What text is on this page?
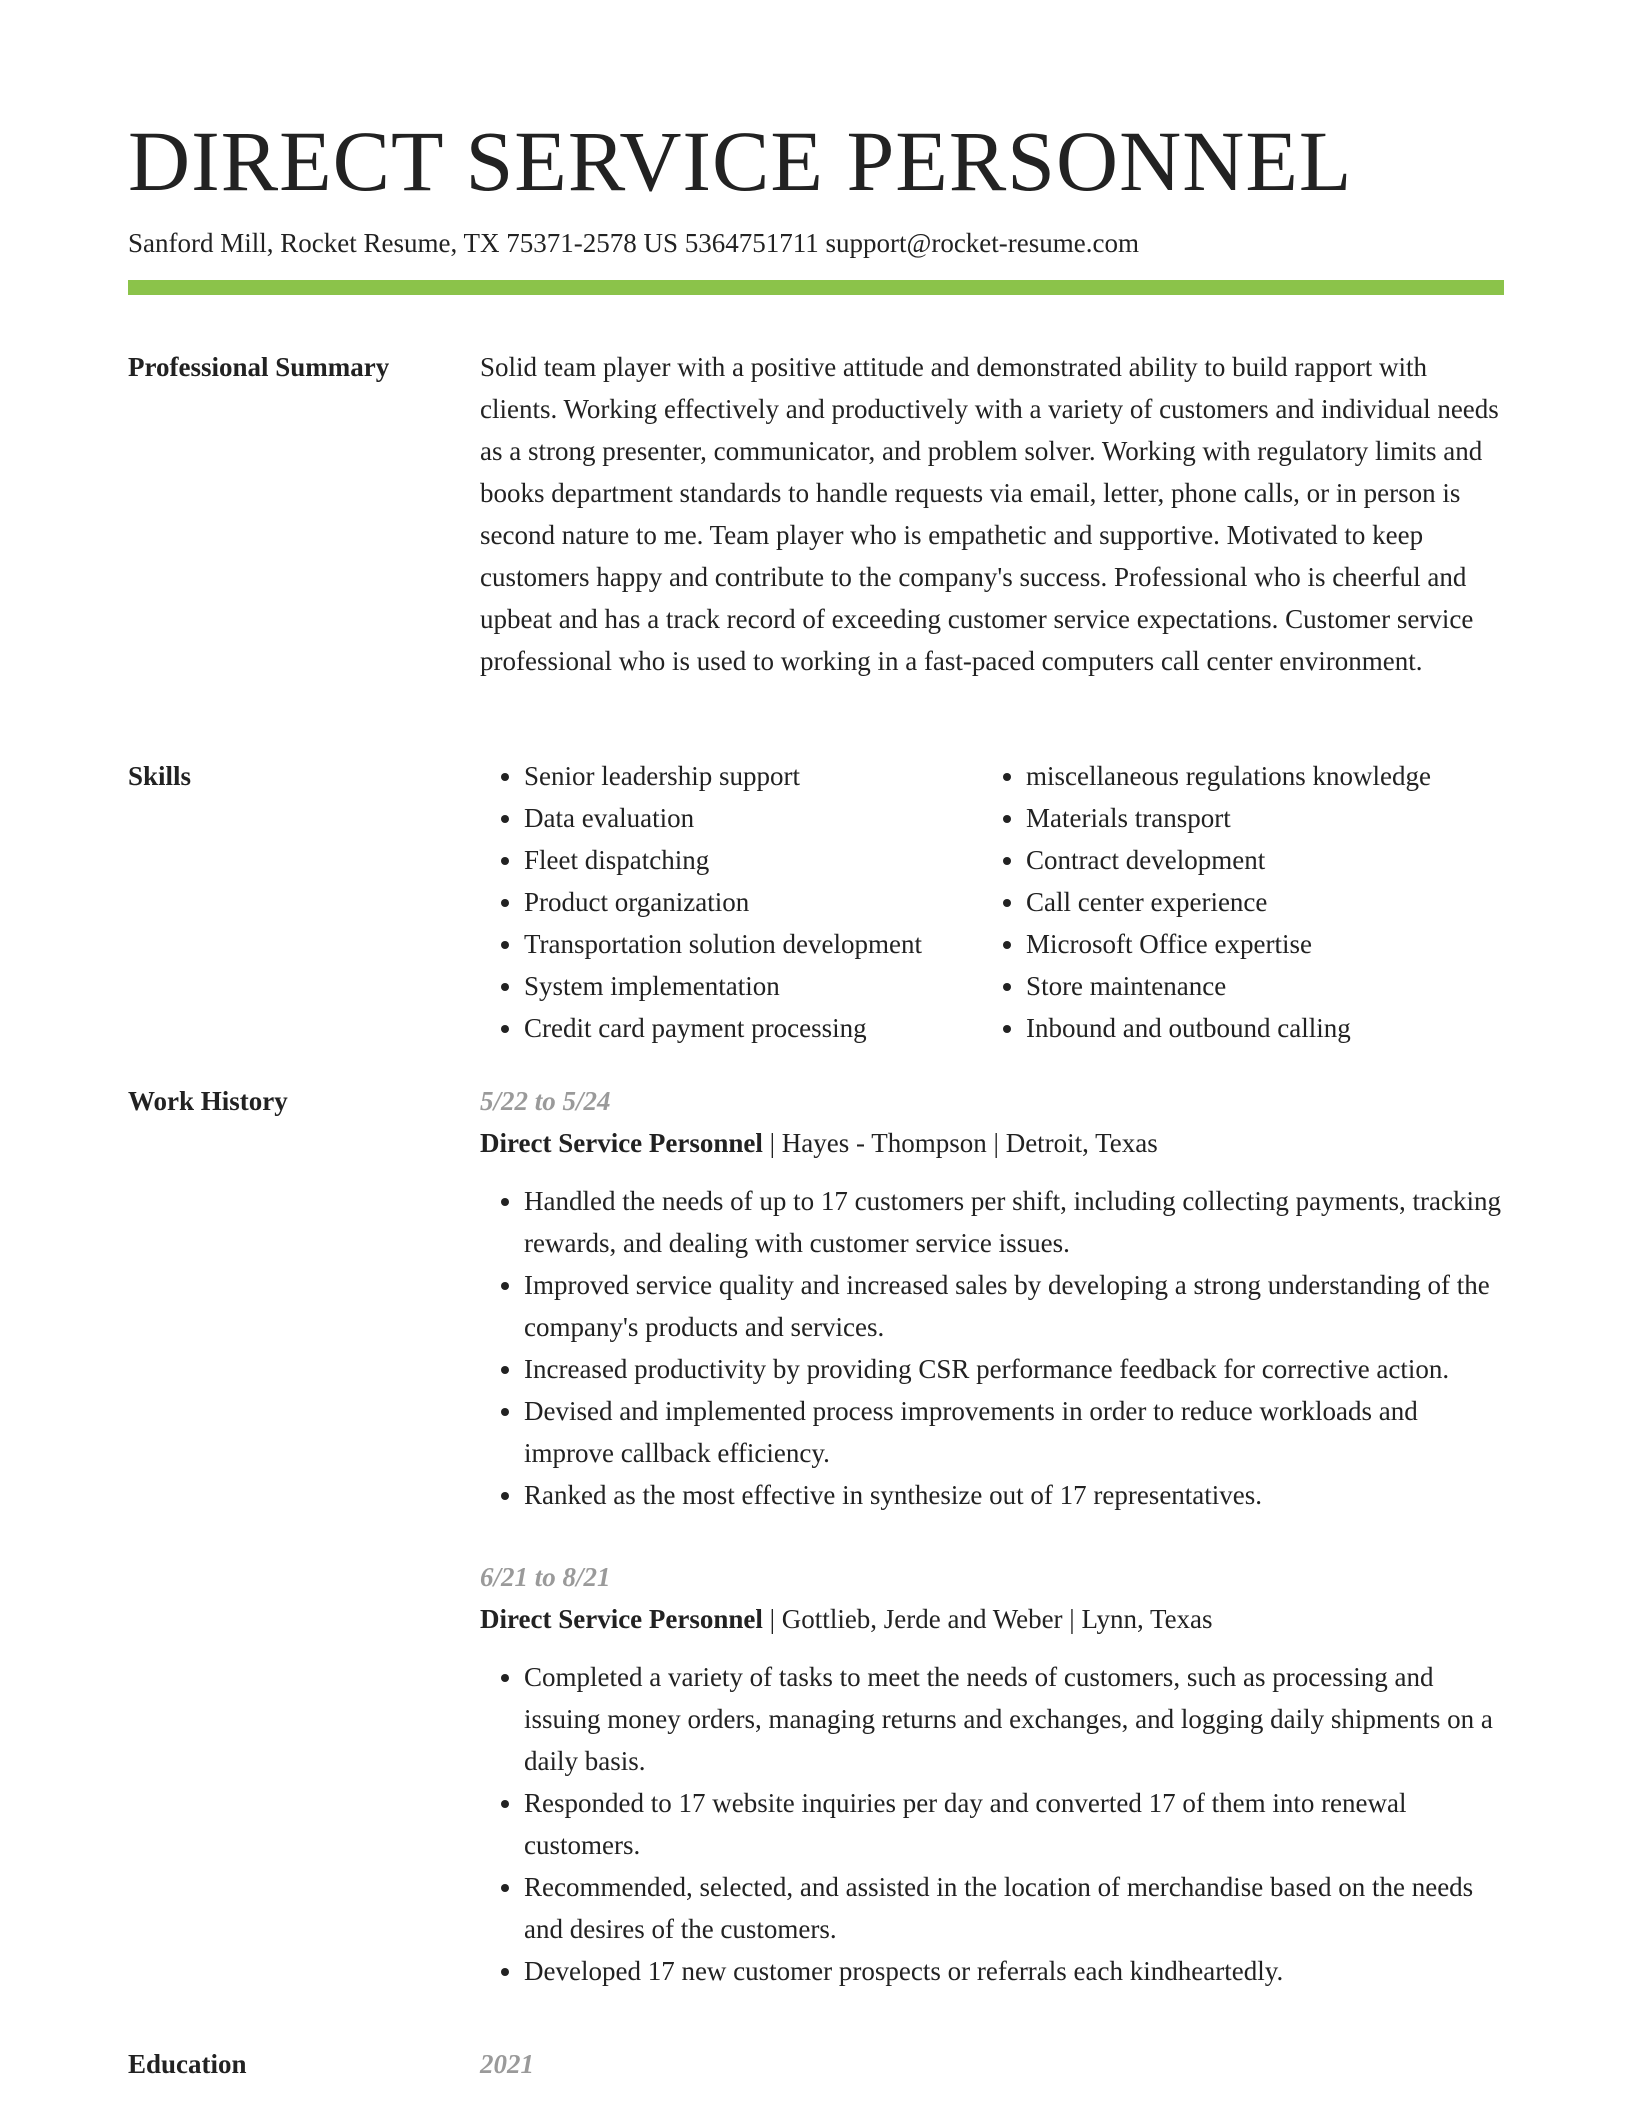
DIRECT SERVICE PERSONNEL
Sanford Mill, Rocket Resume, TX 75371-2578 US 5364751711 support@rocket-resume.com
Professional Summary	Solid team player with a positive attitude and demonstrated ability to build rapport with clients. Working effectively and productively with a variety of customers and individual needs as a strong presenter, communicator, and problem solver. Working with regulatory limits and books department standards to handle requests via email, letter, phone calls, or in person is second nature to me. Team player who is empathetic and supportive. Motivated to keep customers happy and contribute to the company's success. Professional who is cheerful and upbeat and has a track record of exceeding customer service expectations. Customer service professional who is used to working in a fast-paced computers call center environment.

Skills
•	Senior leadership support
• Data evaluation
• Fleet dispatching
• Product organization
• Transportation solution development
• System implementation
• Credit card payment processing
• miscellaneous regulations knowledge
• Materials transport
• Contract development
• Call center experience
• Microsoft Office expertise
• Store maintenance
• Inbound and outbound calling
Work History	5/22 to 5/24
Direct Service Personnel | Hayes - Thompson | Detroit, Texas
• Handled the needs of up to 17 customers per shift, including collecting payments, tracking rewards, and dealing with customer service issues.
• Improved service quality and increased sales by developing a strong understanding of the company's products and services.
• Increased productivity by providing CSR performance feedback for corrective action.
• Devised and implemented process improvements in order to reduce workloads and improve callback efficiency.
• Ranked as the most effective in synthesize out of 17 representatives.
6/21 to 8/21
Direct Service Personnel | Gottlieb, Jerde and Weber | Lynn, Texas
• Completed a variety of tasks to meet the needs of customers, such as processing and issuing money orders, managing returns and exchanges, and logging daily shipments on a daily basis.
• Responded to 17 website inquiries per day and converted 17 of them into renewal customers.
• Recommended, selected, and assisted in the location of merchandise based on the needs and desires of the customers.
• Developed 17 new customer prospects or referrals each kindheartedly.
Education	2021
